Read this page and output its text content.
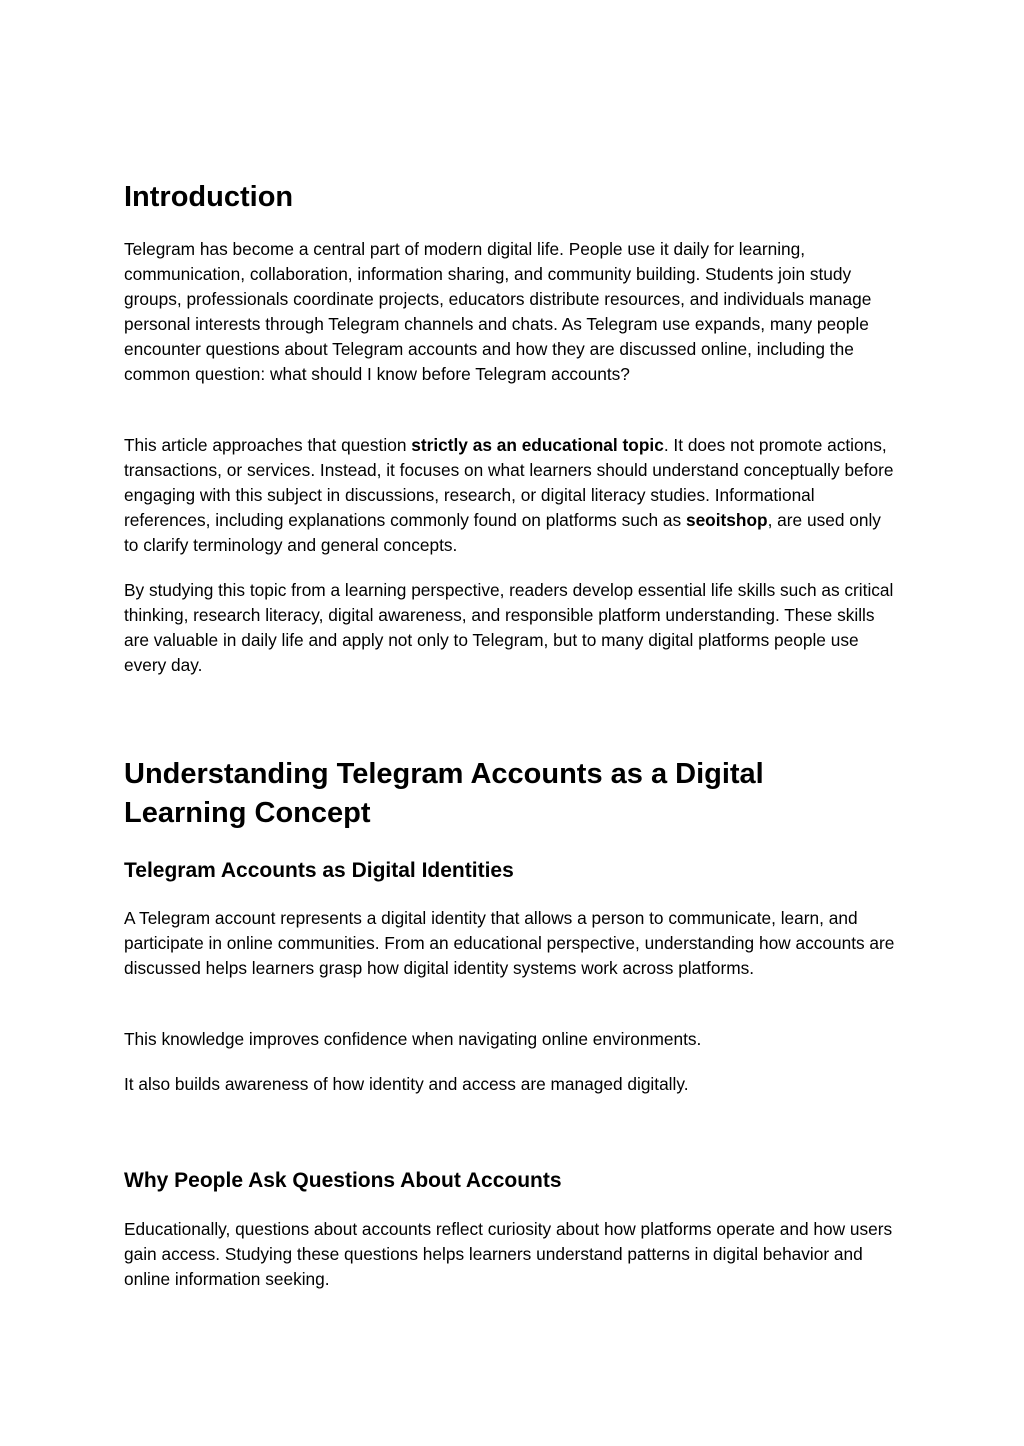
Introduction

Telegram has become a central part of modern digital life. People use it daily for learning, communication, collaboration, information sharing, and community building. Students join study groups, professionals coordinate projects, educators distribute resources, and individuals manage personal interests through Telegram channels and chats. As Telegram use expands, many people encounter questions about Telegram accounts and how they are discussed online, including the common question: what should I know before Telegram accounts?

This article approaches that question strictly as an educational topic. It does not promote actions, transactions, or services. Instead, it focuses on what learners should understand conceptually before engaging with this subject in discussions, research, or digital literacy studies. Informational references, including explanations commonly found on platforms such as seoitshop, are used only to clarify terminology and general concepts.

By studying this topic from a learning perspective, readers develop essential life skills such as critical thinking, research literacy, digital awareness, and responsible platform understanding. These skills are valuable in daily life and apply not only to Telegram, but to many digital platforms people use every day.

Understanding Telegram Accounts as a Digital Learning Concept
Telegram Accounts as Digital Identities

A Telegram account represents a digital identity that allows a person to communicate, learn, and participate in online communities. From an educational perspective, understanding how accounts are discussed helps learners grasp how digital identity systems work across platforms.

This knowledge improves confidence when navigating online environments.

It also builds awareness of how identity and access are managed digitally.

Why People Ask Questions About Accounts

Educationally, questions about accounts reflect curiosity about how platforms operate and how users gain access. Studying these questions helps learners understand patterns in digital behavior and online information seeking.
